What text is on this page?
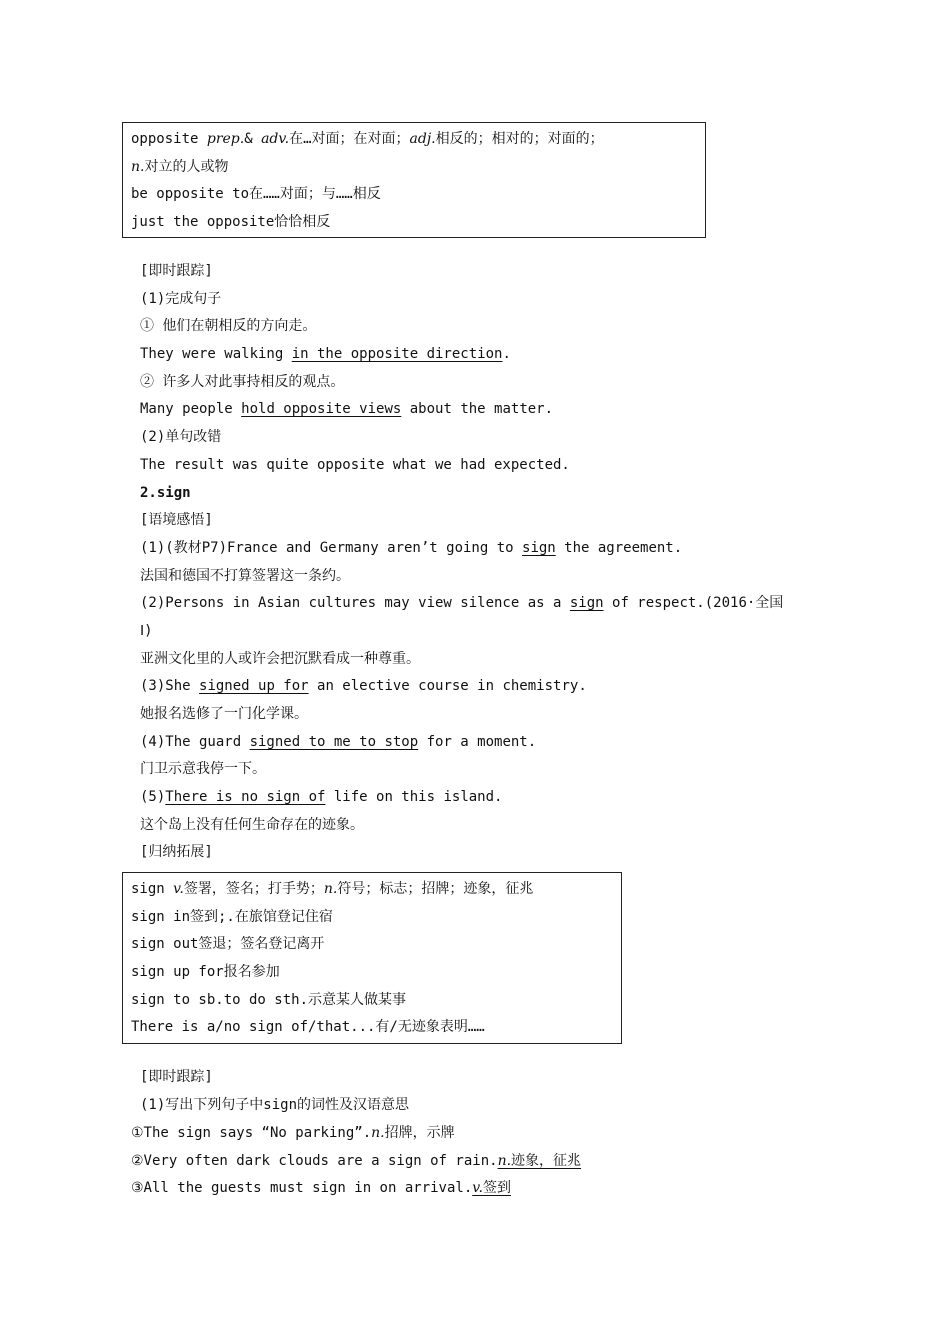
opposite prep.& adv.在…对面；在对面；adj.相反的；相对的；对面的；
n.对立的人或物
be opposite to在……对面；与……相反
just the opposite恰恰相反
[即时跟踪]
(1)完成句子
① 他们在朝相反的方向走。
They were walking in the opposite direction.
② 许多人对此事持相反的观点。
Many people hold opposite views about the matter.
(2)单句改错
The result was quite opposite what we had expected.
2.sign
[语境感悟]
(1)(教材P7)France and Germany aren’t going to sign the agreement.
法国和德国不打算签署这一条约。
(2)Persons in Asian cultures may view silence as a sign of respect.(2016·全国
Ⅰ)
亚洲文化里的人或许会把沉默看成一种尊重。
(3)She signed up for an elective course in chemistry.
她报名选修了一门化学课。
(4)The guard signed to me to stop for a moment.
门卫示意我停一下。
(5)There is no sign of life on this island.
这个岛上没有任何生命存在的迹象。
[归纳拓展]
sign v.签署，签名；打手势；n.符号；标志；招牌；迹象，征兆
sign in签到;.在旅馆登记住宿
sign out签退；签名登记离开
sign up for报名参加
sign to sb.to do sth.示意某人做某事
There is a/no sign of/that...有/无迹象表明……
[即时跟踪]
(1)写出下列句子中sign的词性及汉语意思
①The sign says “No parking”.n.招牌，示牌
②Very often dark clouds are a sign of rain.n.迹象，征兆
③All the guests must sign in on arrival.v.签到
